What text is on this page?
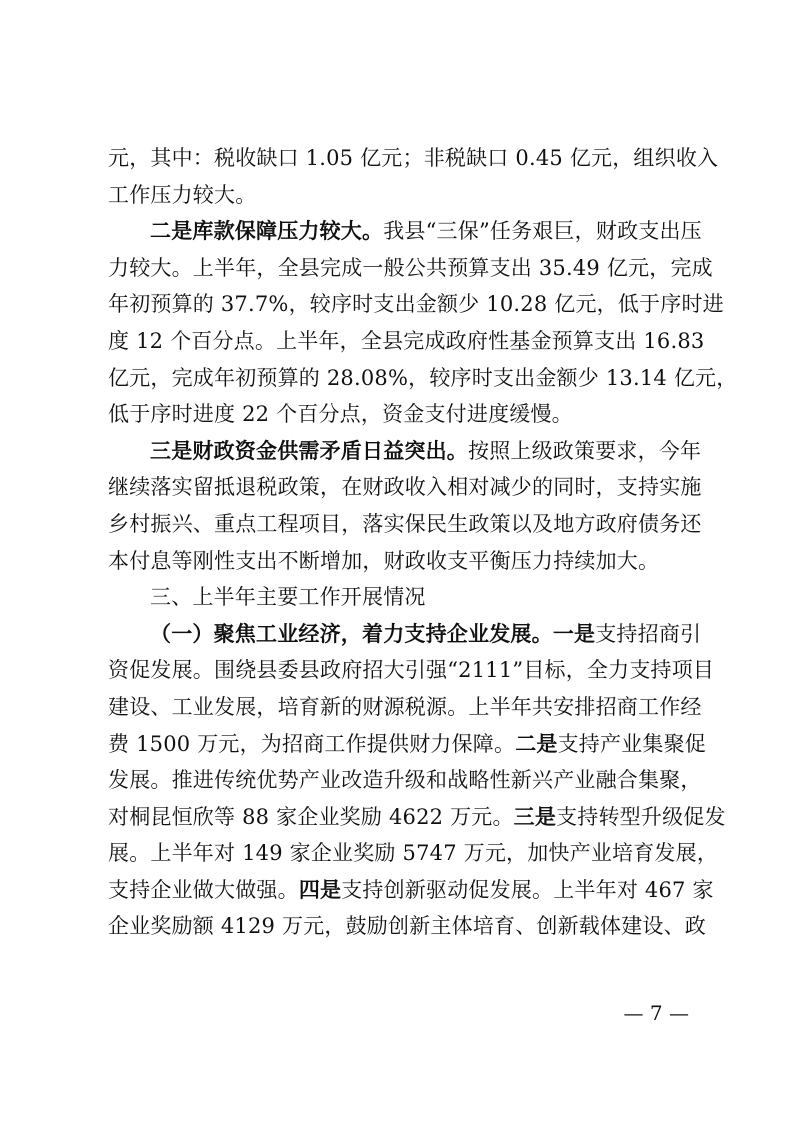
元，其中：税收缺口 1.05 亿元；非税缺口 0.45 亿元，组织收入
工作压力较大。
二是库款保障压力较大。我县“三保”任务艰巨，财政支出压
力较大。上半年，全县完成一般公共预算支出 35.49 亿元，完成
年初预算的 37.7%，较序时支出金额少 10.28 亿元，低于序时进
度 12 个百分点。上半年，全县完成政府性基金预算支出 16.83
亿元，完成年初预算的 28.08%，较序时支出金额少 13.14 亿元，
低于序时进度 22 个百分点，资金支付进度缓慢。
三是财政资金供需矛盾日益突出。按照上级政策要求，今年
继续落实留抵退税政策，在财政收入相对减少的同时，支持实施
乡村振兴、重点工程项目，落实保民生政策以及地方政府债务还
本付息等刚性支出不断增加，财政收支平衡压力持续加大。
三、上半年主要工作开展情况
（一）聚焦工业经济，着力支持企业发展。一是支持招商引
资促发展。围绕县委县政府招大引强“2111”目标，全力支持项目
建设、工业发展，培育新的财源税源。上半年共安排招商工作经
费 1500 万元，为招商工作提供财力保障。二是支持产业集聚促
发展。推进传统优势产业改造升级和战略性新兴产业融合集聚，
对桐昆恒欣等 88 家企业奖励 4622 万元。三是支持转型升级促发
展。上半年对 149 家企业奖励 5747 万元，加快产业培育发展，
支持企业做大做强。四是支持创新驱动促发展。上半年对 467 家
企业奖励额 4129 万元，鼓励创新主体培育、创新载体建设、政
— 7 —
